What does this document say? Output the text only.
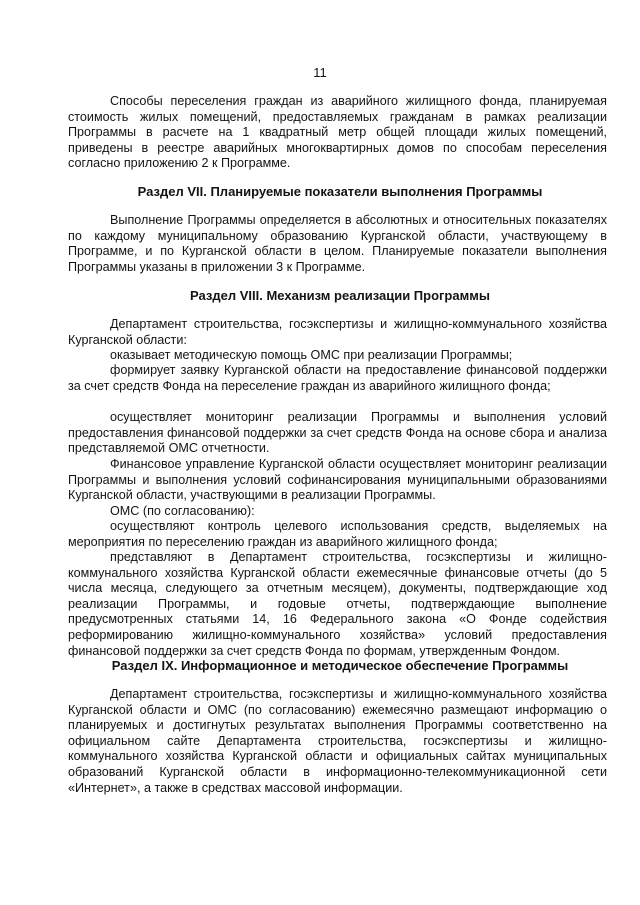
11

Способы переселения граждан из аварийного жилищного фонда, планируемая стоимость жилых помещений, предоставляемых гражданам в рамках реализации Программы в расчете на 1 квадратный метр общей площади жилых помещений, приведены в реестре аварийных многоквартирных домов по способам переселения согласно приложению 2 к Программе.

Раздел VII. Планируемые показатели выполнения Программы

Выполнение Программы определяется в абсолютных и относительных показателях по каждому муниципальному образованию Курганской области, участвующему в Программе, и по Курганской области в целом. Планируемые показатели выполнения Программы указаны в приложении 3 к Программе.

Раздел VIII. Механизм реализации Программы

Департамент строительства, госэкспертизы и жилищно-коммунального хозяйства Курганской области:

оказывает методическую помощь ОМС при реализации Программы;

формирует заявку Курганской области на предоставление финансовой поддержки за счет средств Фонда на переселение граждан из аварийного жилищного фонда;

осуществляет мониторинг реализации Программы и выполнения условий предоставления финансовой поддержки за счет средств Фонда на основе сбора и анализа представляемой ОМС отчетности.

Финансовое управление Курганской области осуществляет мониторинг реализации Программы и выполнения условий софинансирования муниципальными образованиями Курганской области, участвующими в реализации Программы.

ОМС (по согласованию):

осуществляют контроль целевого использования средств, выделяемых на мероприятия по переселению граждан из аварийного жилищного фонда;

представляют в Департамент строительства, госэкспертизы и жилищно-коммунального хозяйства Курганской области ежемесячные финансовые отчеты (до 5 числа месяца, следующего за отчетным месяцем), документы, подтверждающие ход реализации Программы, и годовые отчеты, подтверждающие выполнение предусмотренных статьями 14, 16 Федерального закона «О Фонде содействия реформированию жилищно-коммунального хозяйства» условий предоставления финансовой поддержки за счет средств Фонда по формам, утвержденным Фондом.

Раздел IX. Информационное и методическое обеспечение Программы

Департамент строительства, госэкспертизы и жилищно-коммунального хозяйства Курганской области и ОМС (по согласованию) ежемесячно размещают информацию о планируемых и достигнутых результатах выполнения Программы соответственно на официальном сайте Департамента строительства, госэкспертизы и жилищно-коммунального хозяйства Курганской области и официальных сайтах муниципальных образований Курганской области в информационно-телекоммуникационной сети «Интернет», а также в средствах массовой информации.
